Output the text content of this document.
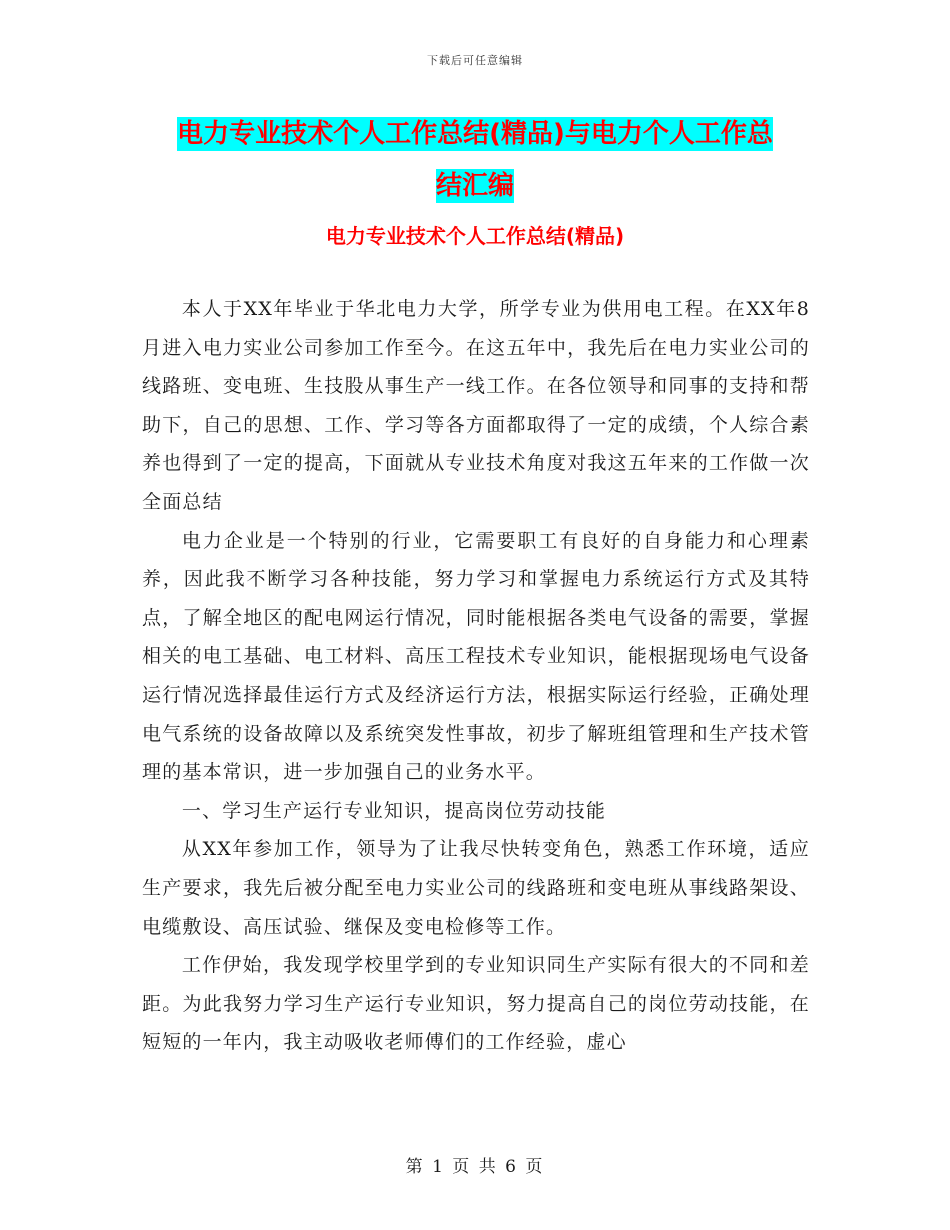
下载后可任意编辑
电力专业技术个人工作总结(精品)与电力个人工作总
结汇编
电力专业技术个人工作总结(精品)

本人于XX年毕业于华北电力大学，所学专业为供用电工程。在XX年8月进入电力实业公司参加工作至今。在这五年中，我先后在电力实业公司的线路班、变电班、生技股从事生产一线工作。在各位领导和同事的支持和帮助下，自己的思想、工作、学习等各方面都取得了一定的成绩，个人综合素养也得到了一定的提高，下面就从专业技术角度对我这五年来的工作做一次全面总结

电力企业是一个特别的行业，它需要职工有良好的自身能力和心理素养，因此我不断学习各种技能，努力学习和掌握电力系统运行方式及其特点，了解全地区的配电网运行情况，同时能根据各类电气设备的需要，掌握相关的电工基础、电工材料、高压工程技术专业知识，能根据现场电气设备运行情况选择最佳运行方式及经济运行方法，根据实际运行经验，正确处理电气系统的设备故障以及系统突发性事故，初步了解班组管理和生产技术管理的基本常识，进一步加强自己的业务水平。

一、学习生产运行专业知识，提高岗位劳动技能

从XX年参加工作，领导为了让我尽快转变角色，熟悉工作环境，适应生产要求，我先后被分配至电力实业公司的线路班和变电班从事线路架设、电缆敷设、高压试验、继保及变电检修等工作。

工作伊始，我发现学校里学到的专业知识同生产实际有很大的不同和差距。为此我努力学习生产运行专业知识，努力提高自己的岗位劳动技能，在短短的一年内，我主动吸收老师傅们的工作经验，虚心

第 1 页 共 6 页
